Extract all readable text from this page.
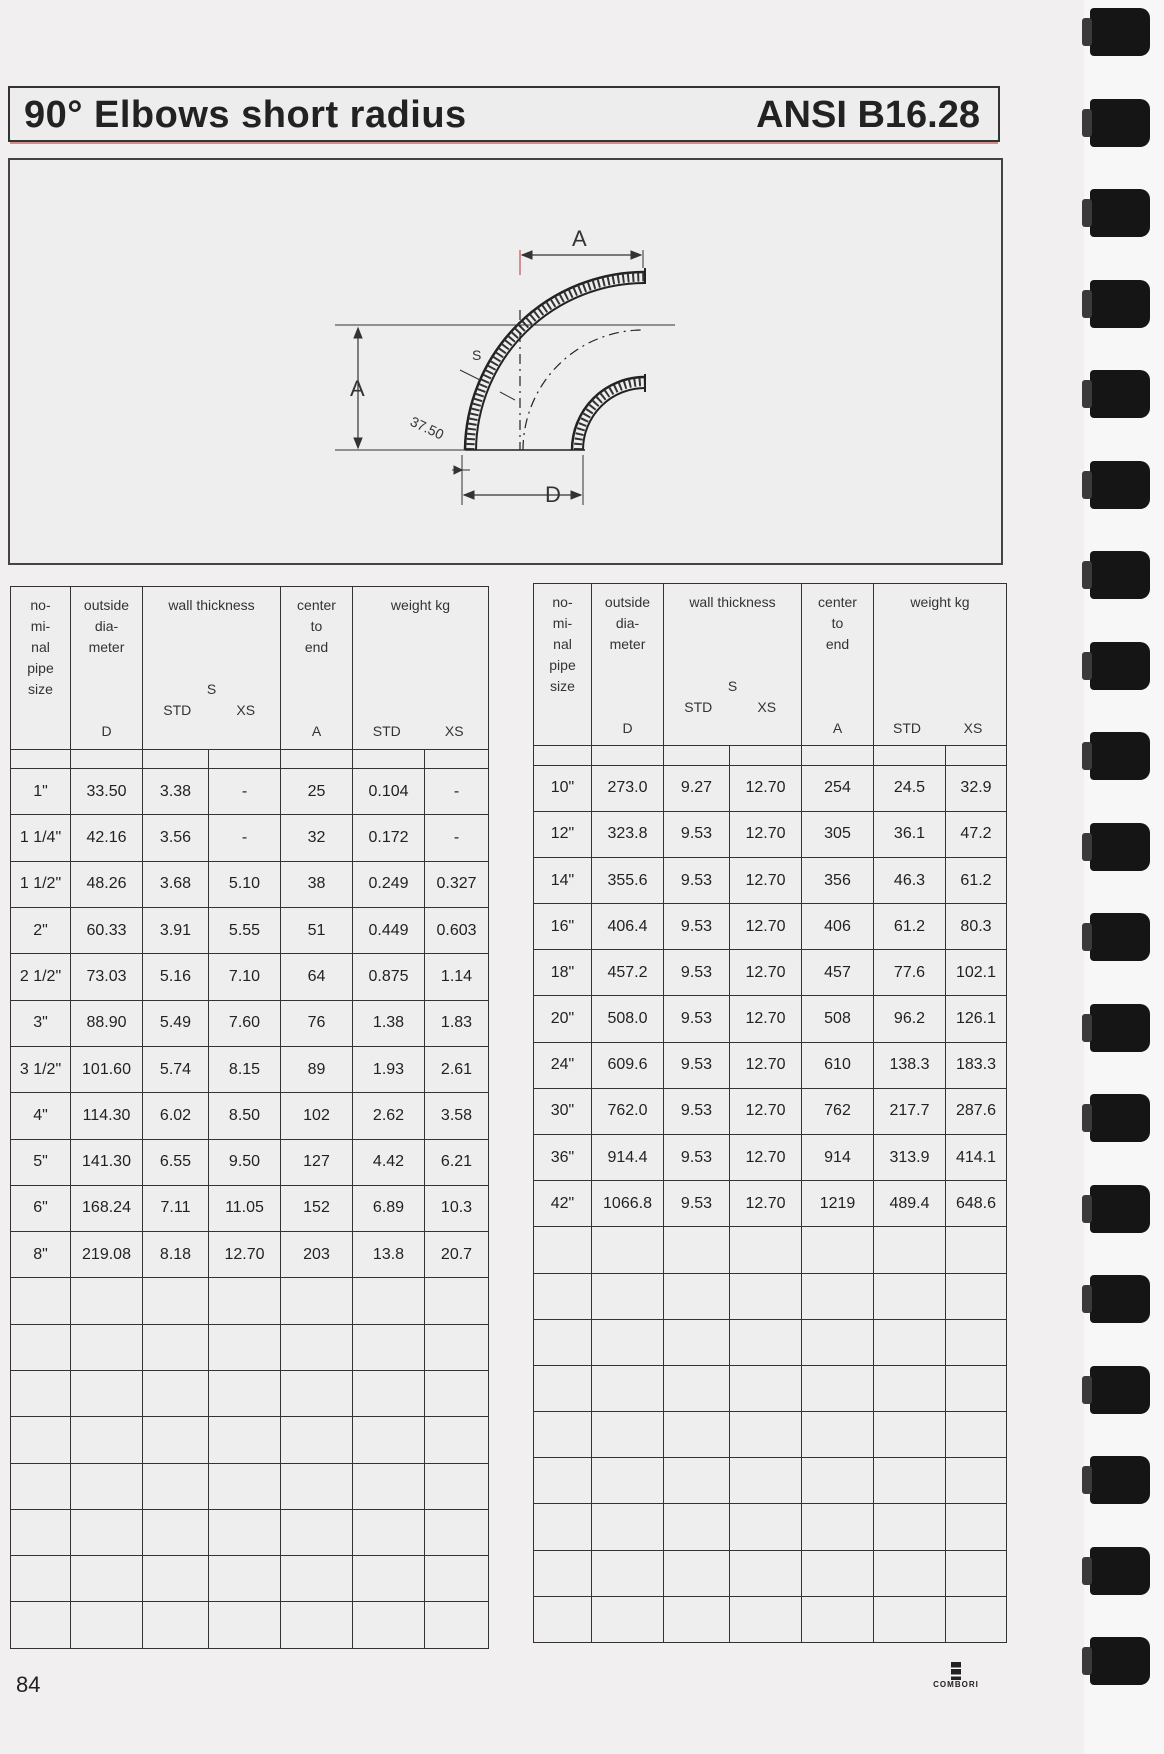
90° Elbows short radius	ANSI B16.28
A
A
S
37.50
D
no-
mi-
nal
pipe
size	outside
dia-
meter

D	wall thickness

S
STD XS		center
to
end

A	weight kg

STD XS	

1"	33.50	3.38	-	25	0.104	-
1 1/4"	42.16	3.56	-	32	0.172	-
1 1/2"	48.26	3.68	5.10	38	0.249	0.327
2"	60.33	3.91	5.55	51	0.449	0.603
2 1/2"	73.03	5.16	7.10	64	0.875	1.14
3"	88.90	5.49	7.60	76	1.38	1.83
3 1/2"	101.60	5.74	8.15	89	1.93	2.61
4"	114.30	6.02	8.50	102	2.62	3.58
5"	141.30	6.55	9.50	127	4.42	6.21
6"	168.24	7.11	11.05	152	6.89	10.3
8"	219.08	8.18	12.70	203	13.8	20.7

no-
mi-
nal
pipe
size	outside
dia-
meter

D	wall thickness

S
STD XS		center
to
end

A	weight kg

STD XS	

10"	273.0	9.27	12.70	254	24.5	32.9
12"	323.8	9.53	12.70	305	36.1	47.2
14"	355.6	9.53	12.70	356	46.3	61.2
16"	406.4	9.53	12.70	406	61.2	80.3
18"	457.2	9.53	12.70	457	77.6	102.1
20"	508.0	9.53	12.70	508	96.2	126.1
24"	609.6	9.53	12.70	610	138.3	183.3
30"	762.0	9.53	12.70	762	217.7	287.6
36"	914.4	9.53	12.70	914	313.9	414.1
42"	1066.8	9.53	12.70	1219	489.4	648.6

84	COMBORI
